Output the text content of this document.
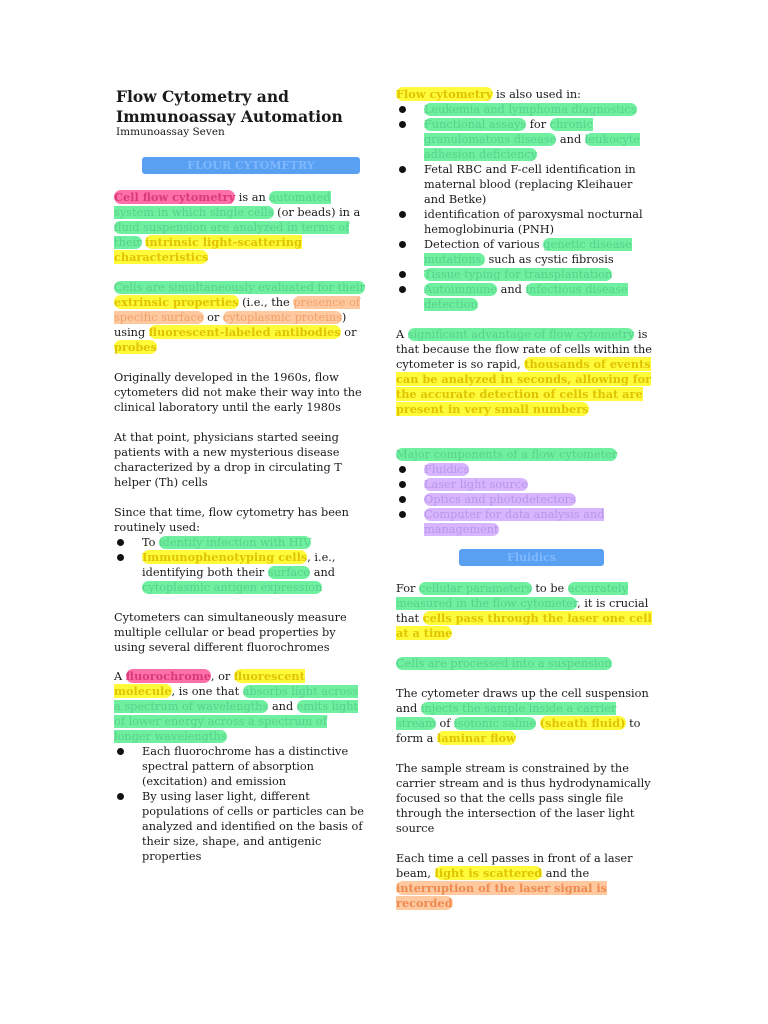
Flow Cytometry and Immunoassay Automation
Immunoassay Seven
FLOUR CYTOMETRY
Cell flow cytometry is an automated system in which single cells (or beads) in a fluid suspension are analyzed in terms of their intrinsic light-scattering characteristics
Cells are simultaneously evaluated for their extrinsic properties (i.e., the presence of specific surface or cytoplasmic proteins) using fluorescent-labeled antibodies or probes
Originally developed in the 1960s, flow cytometers did not make their way into the clinical laboratory until the early 1980s
At that point, physicians started seeing patients with a new mysterious disease characterized by a drop in circulating T helper (Th) cells
Since that time, flow cytometry has been routinely used:
To identify infection with HIV
Immunophenotyping cells, i.e., identifying both their surface and cytoplasmic antigen expression
Cytometers can simultaneously measure multiple cellular or bead properties by using several different fluorochromes
A fluorochrome, or fluorescent molecule, is one that absorbs light across a spectrum of wavelengths and emits light of lower energy across a spectrum of longer wavelengths
Each fluorochrome has a distinctive spectral pattern of absorption (excitation) and emission
By using laser light, different populations of cells or particles can be analyzed and identified on the basis of their size, shape, and antigenic properties
Flow cytometry is also used in:
Leukemia and lymphoma diagnostics
Functional assays for chronic granulomatous disease and leukocyte adhesion deficiency
Fetal RBC and F-cell identification in maternal blood (replacing Kleihauer and Betke)
identification of paroxysmal nocturnal hemoglobinuria (PNH)
Detection of various genetic disease mutations, such as cystic fibrosis
Tissue typing for transplantation
Autoimmune and infectious disease detection
A significant advantage of flow cytometry is that because the flow rate of cells within the cytometer is so rapid, thousands of events can be analyzed in seconds, allowing for the accurate detection of cells that are present in very small numbers
Major components of a flow cytometer
Fluidics
Laser light source
Optics and photodetectors
Computer for data analysis and management
Fluidics
For cellular parameters to be accurately measured in the flow cytometer, it is crucial that cells pass through the laser one cell at a time
Cells are processed into a suspension
The cytometer draws up the cell suspension and injects the sample inside a carrier stream of isotonic saline (sheath fluid) to form a laminar flow
The sample stream is constrained by the carrier stream and is thus hydrodynamically focused so that the cells pass single file through the intersection of the laser light source
Each time a cell passes in front of a laser beam, light is scattered and the interruption of the laser signal is recorded
